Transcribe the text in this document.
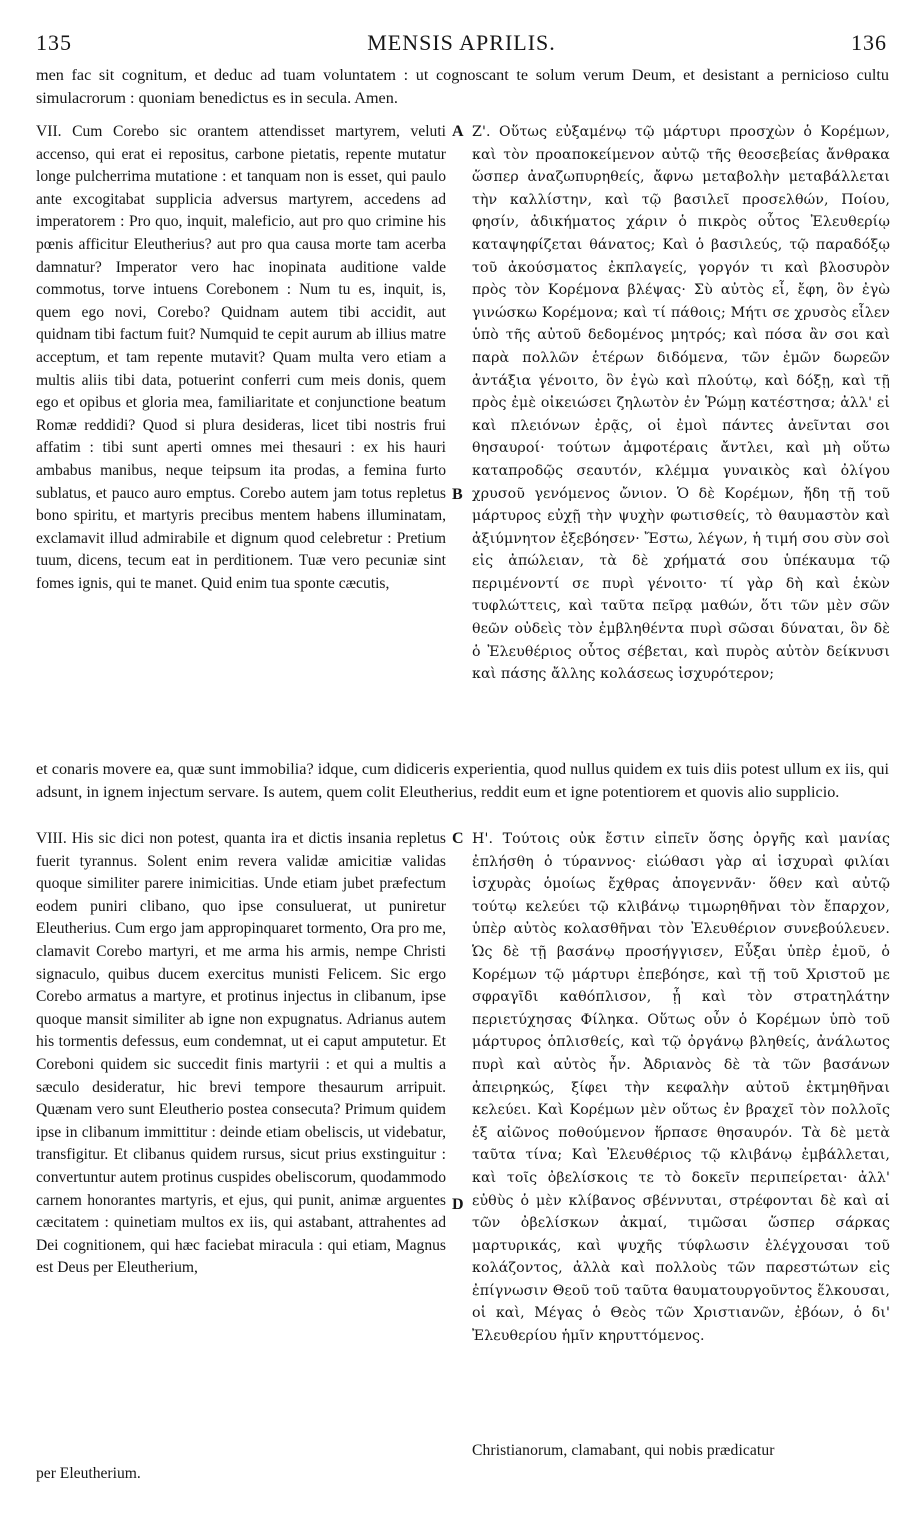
135	MENSIS APRILIS.	136

men fac sit cognitum, et deduc ad tuam voluntatem : ut cognoscant te solum verum Deum, et desistant a pernicioso cultu simulacrorum : quoniam benedictus es in secula. Amen.

VII. Cum Corebo sic orantem attendisset martyrem, veluti accenso, qui erat ei repositus, carbone pietatis, repente mutatur longe pulcherrima mutatione : et tanquam non is esset, qui paulo ante excogitabat supplicia adversus martyrem, accedens ad imperatorem : Pro quo, inquit, maleficio, aut pro quo crimine his pœnis afficitur Eleutherius? aut pro qua causa morte tam acerba damnatur? Imperator vero hac inopinata auditione valde commotus, torve intuens Corebonem : Num tu es, inquit, is, quem ego novi, Corebo? Quidnam autem tibi accidit, aut quidnam tibi factum fuit? Numquid te cepit aurum ab illius matre acceptum, et tam repente mutavit? Quam multa vero etiam a multis aliis tibi data, potuerint conferri cum meis donis, quem ego et opibus et gloria mea, familiaritate et conjunctione beatum Romæ reddidi? Quod si plura desideras, licet tibi nostris frui affatim : tibi sunt aperti omnes mei thesauri : ex his hauri ambabus manibus, neque teipsum ita prodas, a femina furto sublatus, et pauco auro emptus. Corebo autem jam totus repletus bono spiritu, et martyris precibus mentem habens illuminatam, exclamavit illud admirabile et dignum quod celebretur : Pretium tuum, dicens, tecum eat in perditionem. Tuæ vero pecuniæ sint fomes ignis, qui te manet. Quid enim tua sponte cæcutis,

Ζ'. Οὕτως εὐξαμένῳ τῷ μάρτυρι προσχὼν ὁ Κορέμων, καὶ τὸν προαποκείμενον αὐτῷ τῆς θεοσεβείας ἄνθρακα ὥσπερ ἀναζωπυρηθείς, ἄφνω μεταβολὴν μεταβάλλεται τὴν καλλίστην, καὶ τῷ βασιλεῖ προσελθών, Ποίου, φησίν, ἀδικήματος χάριν ὁ πικρὸς οὗτος Ἐλευθερίῳ καταψηφίζεται θάνατος; Καὶ ὁ βασιλεύς, τῷ παραδόξῳ τοῦ ἀκούσματος ἐκπλαγείς, γοργόν τι καὶ βλοσυρὸν πρὸς τὸν Κορέμονα βλέψας· Σὺ αὐτὸς εἶ, ἔφη, ὃν ἐγὼ γινώσκω Κορέμονα; καὶ τί πάθοις; Μήτι σε χρυσὸς εἷλεν ὑπὸ τῆς αὐτοῦ δεδομένος μητρός; καὶ πόσα ἂν σοι καὶ παρὰ πολλῶν ἑτέρων διδόμενα, τῶν ἐμῶν δωρεῶν ἀντάξια γένοιτο, ὃν ἐγὼ καὶ πλούτῳ, καὶ δόξῃ, καὶ τῇ πρὸς ἐμὲ οἰκειώσει ζηλωτὸν ἐν Ῥώμῃ κατέστησα; ἀλλ' εἰ καὶ πλειόνων ἐρᾷς, οἱ ἐμοὶ πάντες ἀνεῖνται σοι θησαυροί· τούτων ἀμφοτέραις ἄντλει, καὶ μὴ οὕτω καταπροδῷς σεαυτόν, κλέμμα γυναικὸς καὶ ὀλίγου χρυσοῦ γενόμενος ὤνιον. Ὁ δὲ Κορέμων, ἤδη τῇ τοῦ μάρτυρος εὐχῇ τὴν ψυχὴν φωτισθείς, τὸ θαυμαστὸν καὶ ἀξιύμνητον ἐξεβόησεν· Ἔστω, λέγων, ἡ τιμή σου σὺν σοὶ εἰς ἀπώλειαν, τὰ δὲ χρήματά σου ὑπέκαυμα τῷ περιμένοντί σε πυρὶ γένοιτο· τί γὰρ δὴ καὶ ἑκὼν τυφλώττεις, καὶ ταῦτα πεῖρᾳ μαθών, ὅτι τῶν μὲν σῶν θεῶν οὐδεὶς τὸν ἐμβληθέντα πυρὶ σῶσαι δύναται, ὃν δὲ ὁ Ἐλευθέριος οὗτος σέβεται, καὶ πυρὸς αὐτὸν δείκνυσι καὶ πάσης ἄλλης κολάσεως ἰσχυρότερον;

et conaris movere ea, quæ sunt immobilia? idque, cum didiceris experientia, quod nullus quidem ex tuis diis potest ullum ex iis, qui adsunt, in ignem injectum servare. Is autem, quem colit Eleutherius, reddit eum et igne potentiorem et quovis alio supplicio.

VIII. His sic dici non potest, quanta ira et dictis insania repletus fuerit tyrannus. Solent enim revera validæ amicitiæ validas quoque similiter parere inimicitias. Unde etiam jubet præfectum eodem puniri clibano, quo ipse consuluerat, ut puniretur Eleutherius. Cum ergo jam appropinquaret tormento, Ora pro me, clamavit Corebo martyri, et me arma his armis, nempe Christi signaculo, quibus ducem exercitus munisti Felicem. Sic ergo Corebo armatus a martyre, et protinus injectus in clibanum, ipse quoque mansit similiter ab igne non expugnatus. Adrianus autem his tormentis defessus, eum condemnat, ut ei caput amputetur. Et Coreboni quidem sic succedit finis martyrii : et qui a multis a sæculo desideratur, hic brevi tempore thesaurum arripuit. Quænam vero sunt Eleutherio postea consecuta? Primum quidem ipse in clibanum immittitur : deinde etiam obeliscis, ut videbatur, transfigitur. Et clibanus quidem rursus, sicut prius exstinguitur : convertuntur autem protinus cuspides obeliscorum, quodammodo carnem honorantes martyris, et ejus, qui punit, animæ arguentes cæcitatem : quinetiam multos ex iis, qui astabant, attrahentes ad Dei cognitionem, qui hæc faciebat miracula : qui etiam, Magnus est Deus per Eleutherium,

Η'. Τούτοις οὐκ ἔστιν εἰπεῖν ὅσης ὀργῆς καὶ μανίας ἐπλήσθη ὁ τύραννος· εἰώθασι γὰρ αἱ ἰσχυραὶ φιλίαι ἰσχυρὰς ὁμοίως ἔχθρας ἀπογεννᾶν· ὅθεν καὶ αὐτῷ τούτῳ κελεύει τῷ κλιβάνῳ τιμωρηθῆναι τὸν ἔπαρχον, ὑπὲρ αὐτὸς κολασθῆναι τὸν Ἐλευθέριον συνεβούλευεν. Ὡς δὲ τῇ βασάνῳ προσήγγισεν, Εὖξαι ὑπὲρ ἐμοῦ, ὁ Κορέμων τῷ μάρτυρι ἐπεβόησε, καὶ τῇ τοῦ Χριστοῦ με σφραγῖδι καθόπλισον, ᾗ καὶ τὸν στρατηλάτην περιετύχησας Φίληκα. Οὕτως οὖν ὁ Κορέμων ὑπὸ τοῦ μάρτυρος ὁπλισθείς, καὶ τῷ ὀργάνῳ βληθείς, ἀνάλωτος πυρὶ καὶ αὐτὸς ἦν. Ἀδριανὸς δὲ τὰ τῶν βασάνων ἀπειρηκώς, ξίφει τὴν κεφαλὴν αὐτοῦ ἐκτμηθῆναι κελεύει. Καὶ Κορέμων μὲν οὕτως ἐν βραχεῖ τὸν πολλοῖς ἐξ αἰῶνος ποθούμενον ἥρπασε θησαυρόν. Τὰ δὲ μετὰ ταῦτα τίνα; Καὶ Ἐλευθέριος τῷ κλιβάνῳ ἐμβάλλεται, καὶ τοῖς ὀβελίσκοις τε τὸ δοκεῖν περιπείρεται· ἀλλ' εὐθὺς ὁ μὲν κλίβανος σβέννυται, στρέφονται δὲ καὶ αἱ τῶν ὀβελίσκων ἀκμαί, τιμῶσαι ὥσπερ σάρκας μαρτυρικάς, καὶ ψυχῆς τύφλωσιν ἐλέγχουσαι τοῦ κολάζοντος, ἀλλὰ καὶ πολλοὺς τῶν παρεστώτων εἰς ἐπίγνωσιν Θεοῦ τοῦ ταῦτα θαυματουργοῦντος ἕλκουσαι, οἱ καὶ, Μέγας ὁ Θεὸς τῶν Χριστιανῶν, ἐβόων, ὁ δι' Ἐλευθερίου ἡμῖν κηρυττόμενος.

Christianorum, clamabant, qui nobis prædicatur

per Eleutherium.

A
B
C
D
